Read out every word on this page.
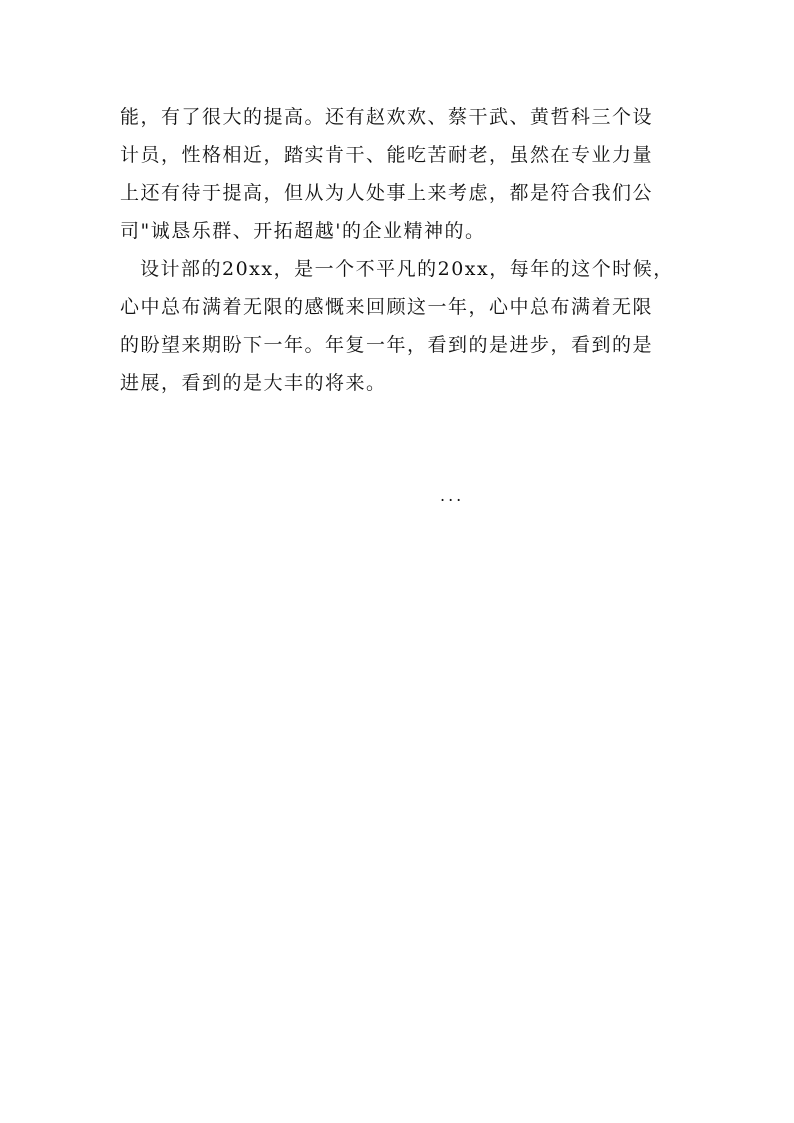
能，有了很大的提高。还有赵欢欢、蔡干武、黄哲科三个设
计员，性格相近，踏实肯干、能吃苦耐老，虽然在专业力量
上还有待于提高，但从为人处事上来考虑，都是符合我们公
司"诚恳乐群、开拓超越'的企业精神的。
设计部的20xx，是一个不平凡的20xx，每年的这个时候，
心中总布满着无限的感慨来回顾这一年，心中总布满着无限
的盼望来期盼下一年。年复一年，看到的是进步，看到的是
进展，看到的是大丰的将来。
...
